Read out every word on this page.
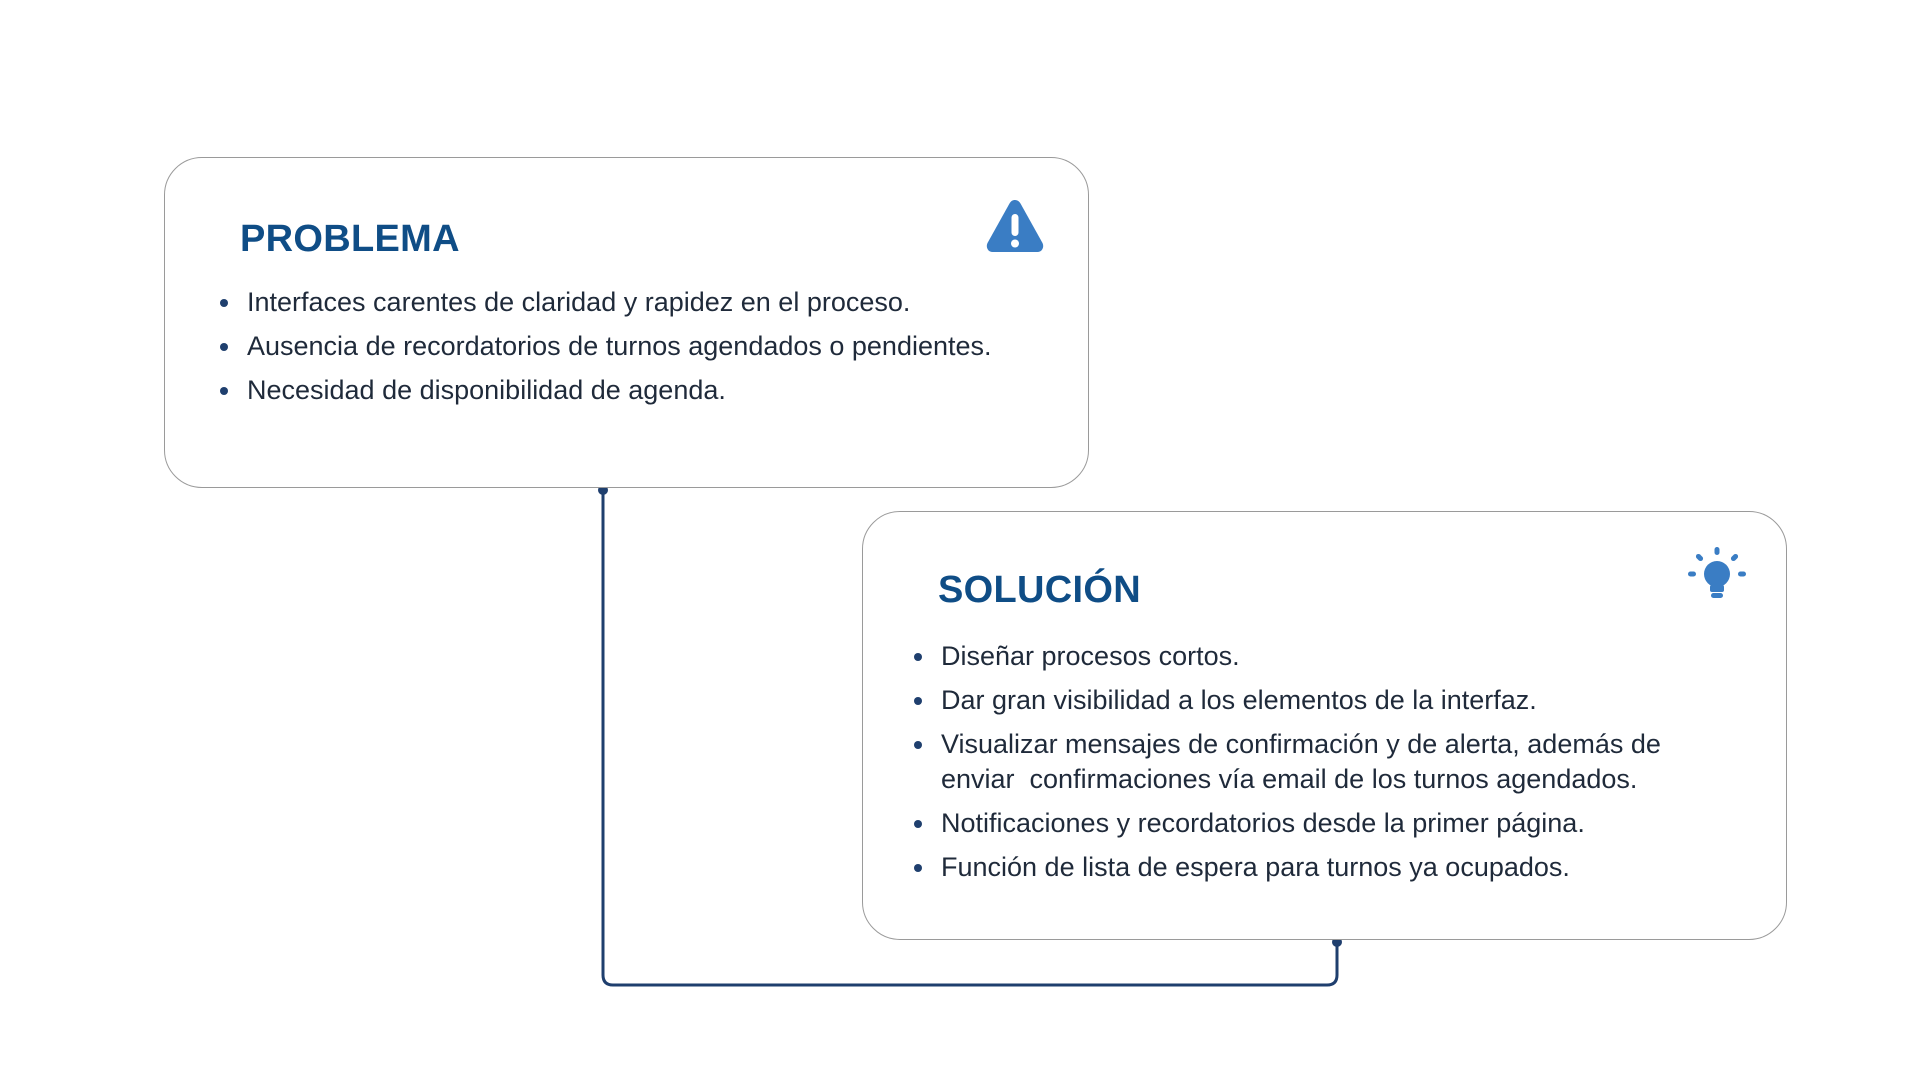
PROBLEMA
Interfaces carentes de claridad y rapidez en el proceso.
Ausencia de recordatorios de turnos agendados o pendientes.
Necesidad de disponibilidad de agenda.
SOLUCIÓN
Diseñar procesos cortos.
Dar gran visibilidad a los elementos de la interfaz.
Visualizar mensajes de confirmación y de alerta, además de enviar  confirmaciones vía email de los turnos agendados.
Notificaciones y recordatorios desde la primer página.
Función de lista de espera para turnos ya ocupados.
